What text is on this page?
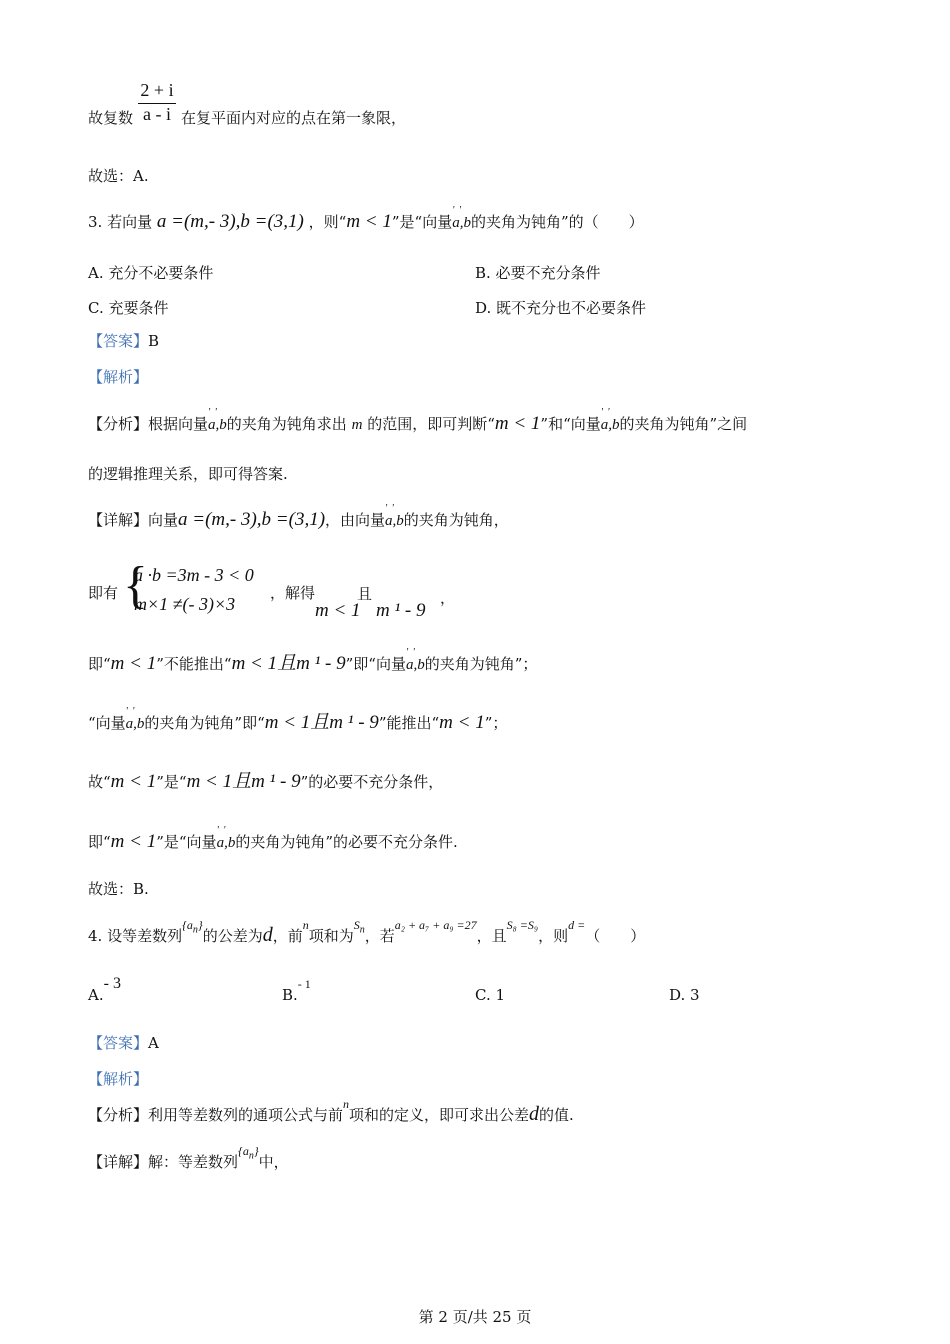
$\frac{2 + i}{a - i}$
故复数	在复平面内对应的点在第一象限，
故选：A.
3. 若向量 a =(m,- 3),b =(3,1) ，则“m < 1”是“向量' ' a,b的夹角为钝角”的（　　）
A. 充分不必要条件	B. 必要不充分条件
C. 充要条件	D. 既不充分也不必要条件
【答案】B
【解析】
【分析】根据向量' ' a,b的夹角为钝角求出 m 的范围，即可判断“m < 1”和“向量' ' a,b的夹角为钝角”之间
的逻辑推理关系，即可得答案.
【详解】向量a =(m,- 3),b =(3,1)，由向量' ' a,b的夹角为钝角，
即有 {
a ·b =3m - 3 < 0
m×1 ≠(- 3)×3
，解得	且
m < 1 m ¹ - 9
，
即“m < 1”不能推出“m < 1且m ¹ - 9”即“向量' ' a,b的夹角为钝角”；
“向量' ' a,b的夹角为钝角”即“m < 1且m ¹ - 9”能推出“m < 1”；
故“m < 1”是“m < 1且m ¹ - 9”的必要不充分条件，
即“m < 1”是“向量' ' a,b的夹角为钝角”的必要不充分条件.
故选：B.
4. 设等差数列$^{\{a_n\}}$的公差为d，前$^n$项和为$^{S_n}$，若$^{a_2 + a_7 + a_9 =27}$，且$^{S_8 =S_9}$，则$^{d =}$（　　）
A.- 3
B.$^{- 1}$
C. 1	D. 3
【答案】A
【解析】
【分析】利用等差数列的通项公式与前$^n$项和的定义，即可求出公差d的值.
【详解】解：等差数列$^{\{a_n\}}$中，
第 2 页/共 25 页
